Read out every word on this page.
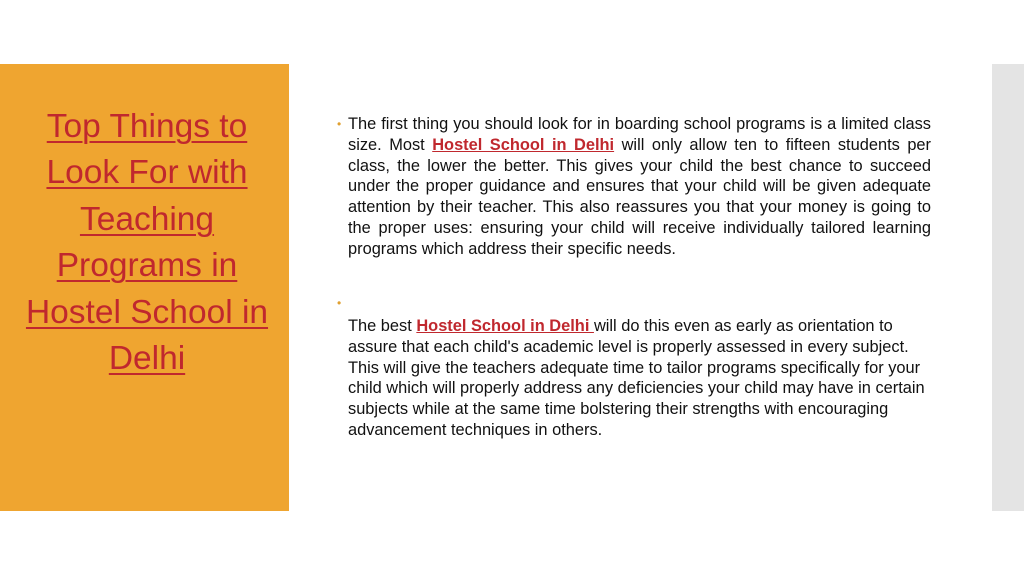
Top Things to Look For with Teaching Programs in Hostel School in Delhi
• The first thing you should look for in boarding school programs is a limited class size. Most Hostel School in Delhi will only allow ten to fifteen students per class, the lower the better. This gives your child the best chance to succeed under the proper guidance and ensures that your child will be given adequate attention by their teacher. This also reassures you that your money is going to the proper uses: ensuring your child will receive individually tailored learning programs which address their specific needs.
•
The best Hostel School in Delhi will do this even as early as orientation to assure that each child's academic level is properly assessed in every subject. This will give the teachers adequate time to tailor programs specifically for your child which will properly address any deficiencies your child may have in certain subjects while at the same time bolstering their strengths with encouraging advancement techniques in others.
